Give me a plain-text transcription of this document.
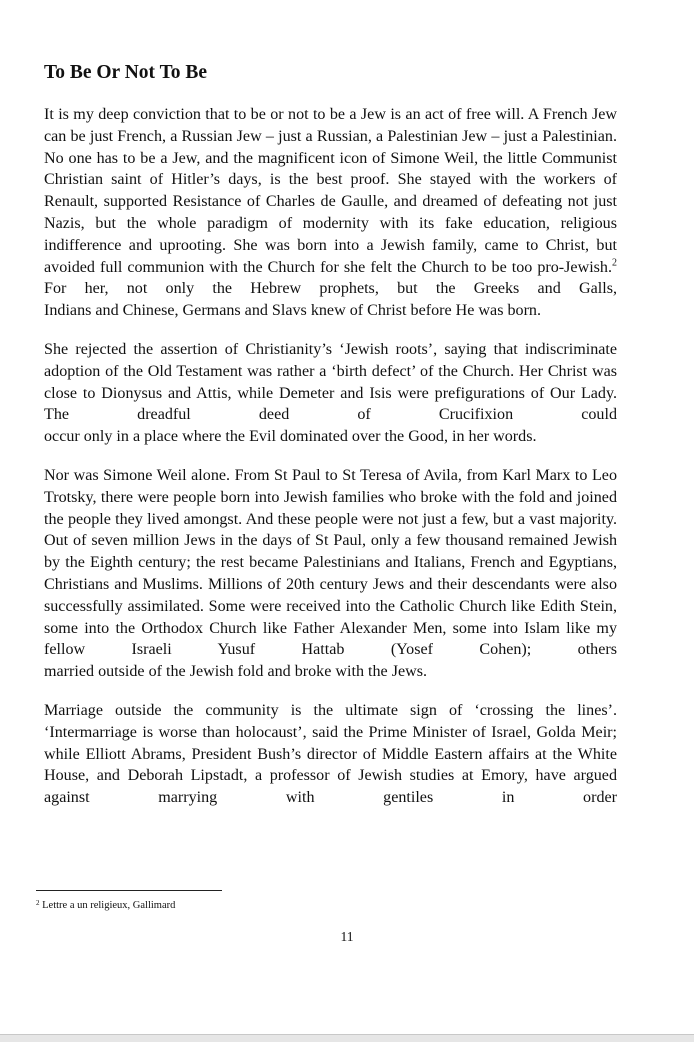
To Be Or Not To Be

It is my deep conviction that to be or not to be a Jew is an act of free will. A French Jew can be just French, a Russian Jew – just a Russian, a Palestinian Jew – just a Palestinian. No one has to be a Jew, and the magnificent icon of Simone Weil, the little Communist Christian saint of Hitler’s days, is the best proof. She stayed with the workers of Renault, supported Resistance of Charles de Gaulle, and dreamed of defeating not just Nazis, but the whole paradigm of modernity with its fake education, religious indifference and uprooting. She was born into a Jewish family, came to Christ, but avoided full communion with the Church for she felt the Church to be too pro-Jewish.$^2$ For her, not only the Hebrew prophets, but the Greeks and Galls,
Indians and Chinese, Germans and Slavs knew of Christ before He was born.

She rejected the assertion of Christianity’s ‘Jewish roots’, saying that indiscriminate adoption of the Old Testament was rather a ‘birth defect’ of the Church. Her Christ was close to Dionysus and Attis, while Demeter and Isis were prefigurations of Our Lady. The dreadful deed of Crucifixion could
occur only in a place where the Evil dominated over the Good, in her words.

Nor was Simone Weil alone. From St Paul to St Teresa of Avila, from Karl Marx to Leo Trotsky, there were people born into Jewish families who broke with the fold and joined the people they lived amongst. And these people were not just a few, but a vast majority. Out of seven million Jews in the days of St Paul, only a few thousand remained Jewish by the Eighth century; the rest became Palestinians and Italians, French and Egyptians, Christians and Muslims. Millions of 20th century Jews and their descendants were also successfully assimilated. Some were received into the Catholic Church like Edith Stein, some into the Orthodox Church like Father Alexander Men, some into Islam like my fellow Israeli Yusuf Hattab (Yosef Cohen); others
married outside of the Jewish fold and broke with the Jews.

Marriage outside the community is the ultimate sign of ‘crossing the lines’. ‘Intermarriage is worse than holocaust’, said the Prime Minister of Israel, Golda Meir; while Elliott Abrams, President Bush’s director of Middle Eastern affairs at the White House, and Deborah Lipstadt, a professor of Jewish studies at Emory, have argued against marrying with gentiles in order

$^2$ Lettre a un religieux, Gallimard
11
